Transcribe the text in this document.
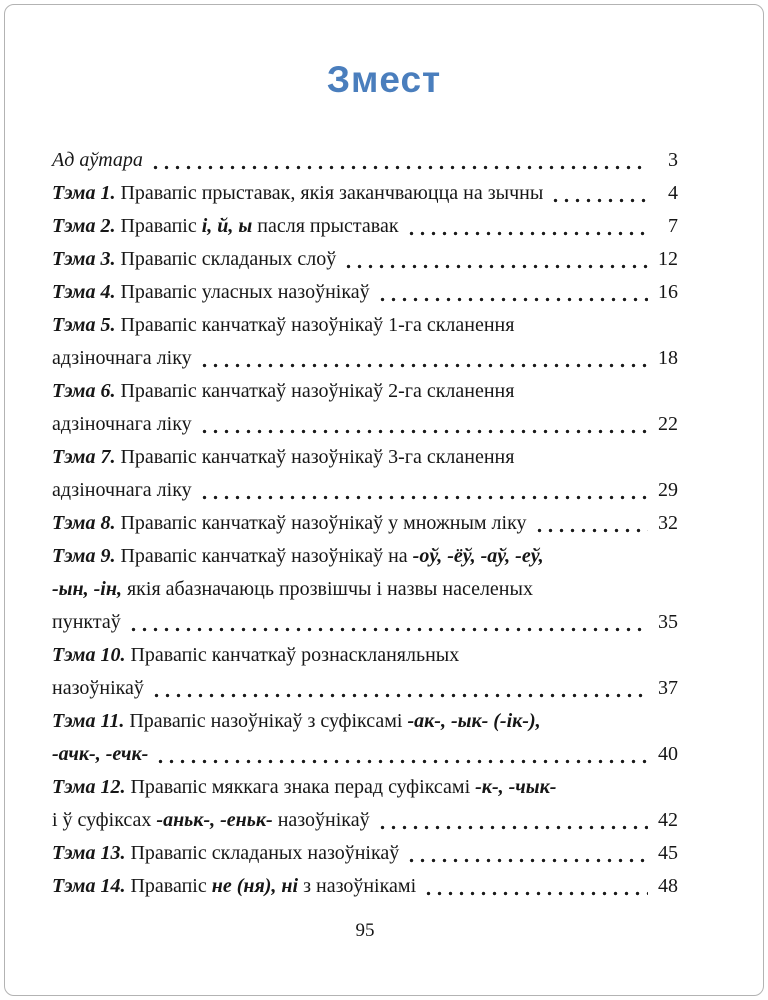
Змест
Ад аўтара	3
Тэма 1. Правапіс прыставак, якія заканчваюцца на зычны	4
Тэма 2. Правапіс і, й, ы пасля прыставак	7
Тэма 3. Правапіс складаных слоў	12
Тэма 4. Правапіс уласных назоўнікаў	16
Тэма 5. Правапіс канчаткаў назоўнікаў 1-га скланення
адзіночнага ліку	18
Тэма 6. Правапіс канчаткаў назоўнікаў 2-га скланення
адзіночнага ліку	22
Тэма 7. Правапіс канчаткаў назоўнікаў 3-га скланення
адзіночнага ліку	29
Тэма 8. Правапіс канчаткаў назоўнікаў у множным ліку	32
Тэма 9. Правапіс канчаткаў назоўнікаў на -оў, -ёў, -аў, -еў,
-ын, -ін, якія абазначаюць прозвішчы і назвы населеных
пунктаў	35
Тэма 10. Правапіс канчаткаў рознаскланяльных
назоўнікаў	37
Тэма 11. Правапіс назоўнікаў з суфіксамі -ак-, -ык- (-ік-),
-ачк-, -ечк-	40
Тэма 12. Правапіс мяккага знака перад суфіксамі -к-, -чык-
і ў суфіксах -аньк-, -еньк- назоўнікаў	42
Тэма 13. Правапіс складаных назоўнікаў	45
Тэма 14. Правапіс не (ня), ні з назоўнікамі	48
95
